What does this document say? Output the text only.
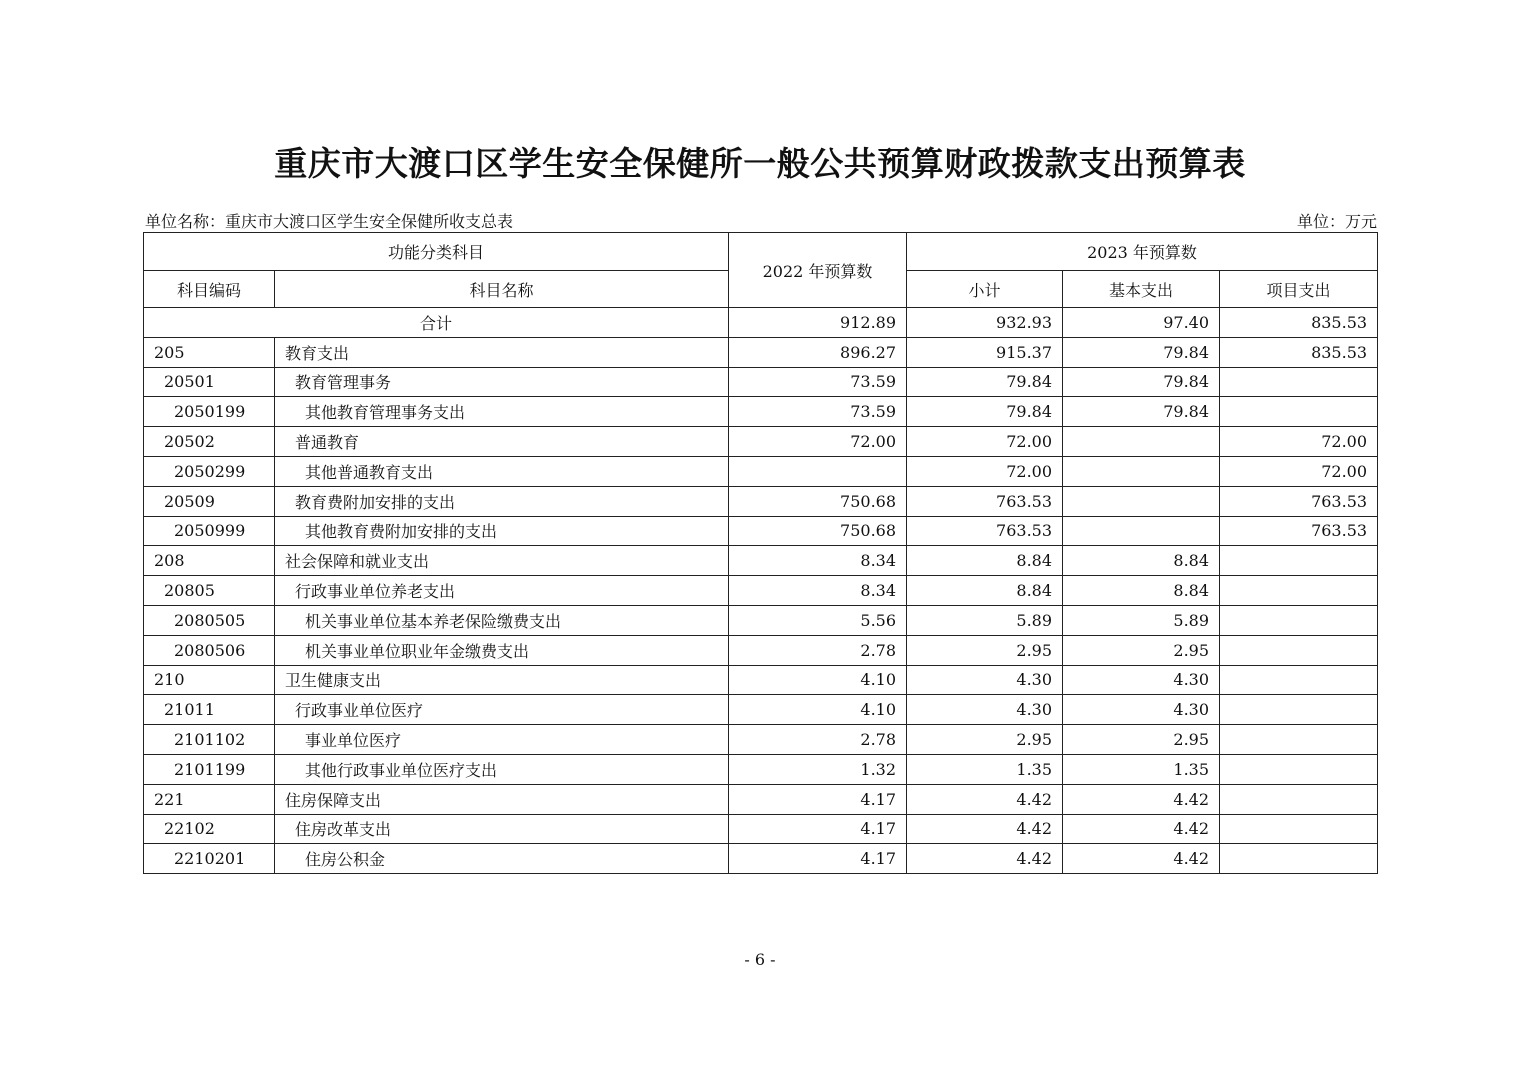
重庆市大渡口区学生安全保健所一般公共预算财政拨款支出预算表
单位名称：重庆市大渡口区学生安全保健所收支总表	单位：万元
功能分类科目		2022 年预算数	2023 年预算数		
科目编码	科目名称		小计	基本支出	项目支出
合计		912.89	932.93	97.40	835.53
205	教育支出	896.27	915.37	79.84	835.53
20501	教育管理事务	73.59	79.84	79.84	
2050199	其他教育管理事务支出	73.59	79.84	79.84	
20502	普通教育	72.00	72.00		72.00
2050299	其他普通教育支出		72.00		72.00
20509	教育费附加安排的支出	750.68	763.53		763.53
2050999	其他教育费附加安排的支出	750.68	763.53		763.53
208	社会保障和就业支出	8.34	8.84	8.84	
20805	行政事业单位养老支出	8.34	8.84	8.84	
2080505	机关事业单位基本养老保险缴费支出	5.56	5.89	5.89	
2080506	机关事业单位职业年金缴费支出	2.78	2.95	2.95	
210	卫生健康支出	4.10	4.30	4.30	
21011	行政事业单位医疗	4.10	4.30	4.30	
2101102	事业单位医疗	2.78	2.95	2.95	
2101199	其他行政事业单位医疗支出	1.32	1.35	1.35	
221	住房保障支出	4.17	4.42	4.42	
22102	住房改革支出	4.17	4.42	4.42	
2210201	住房公积金	4.17	4.42	4.42	
- 6 -
